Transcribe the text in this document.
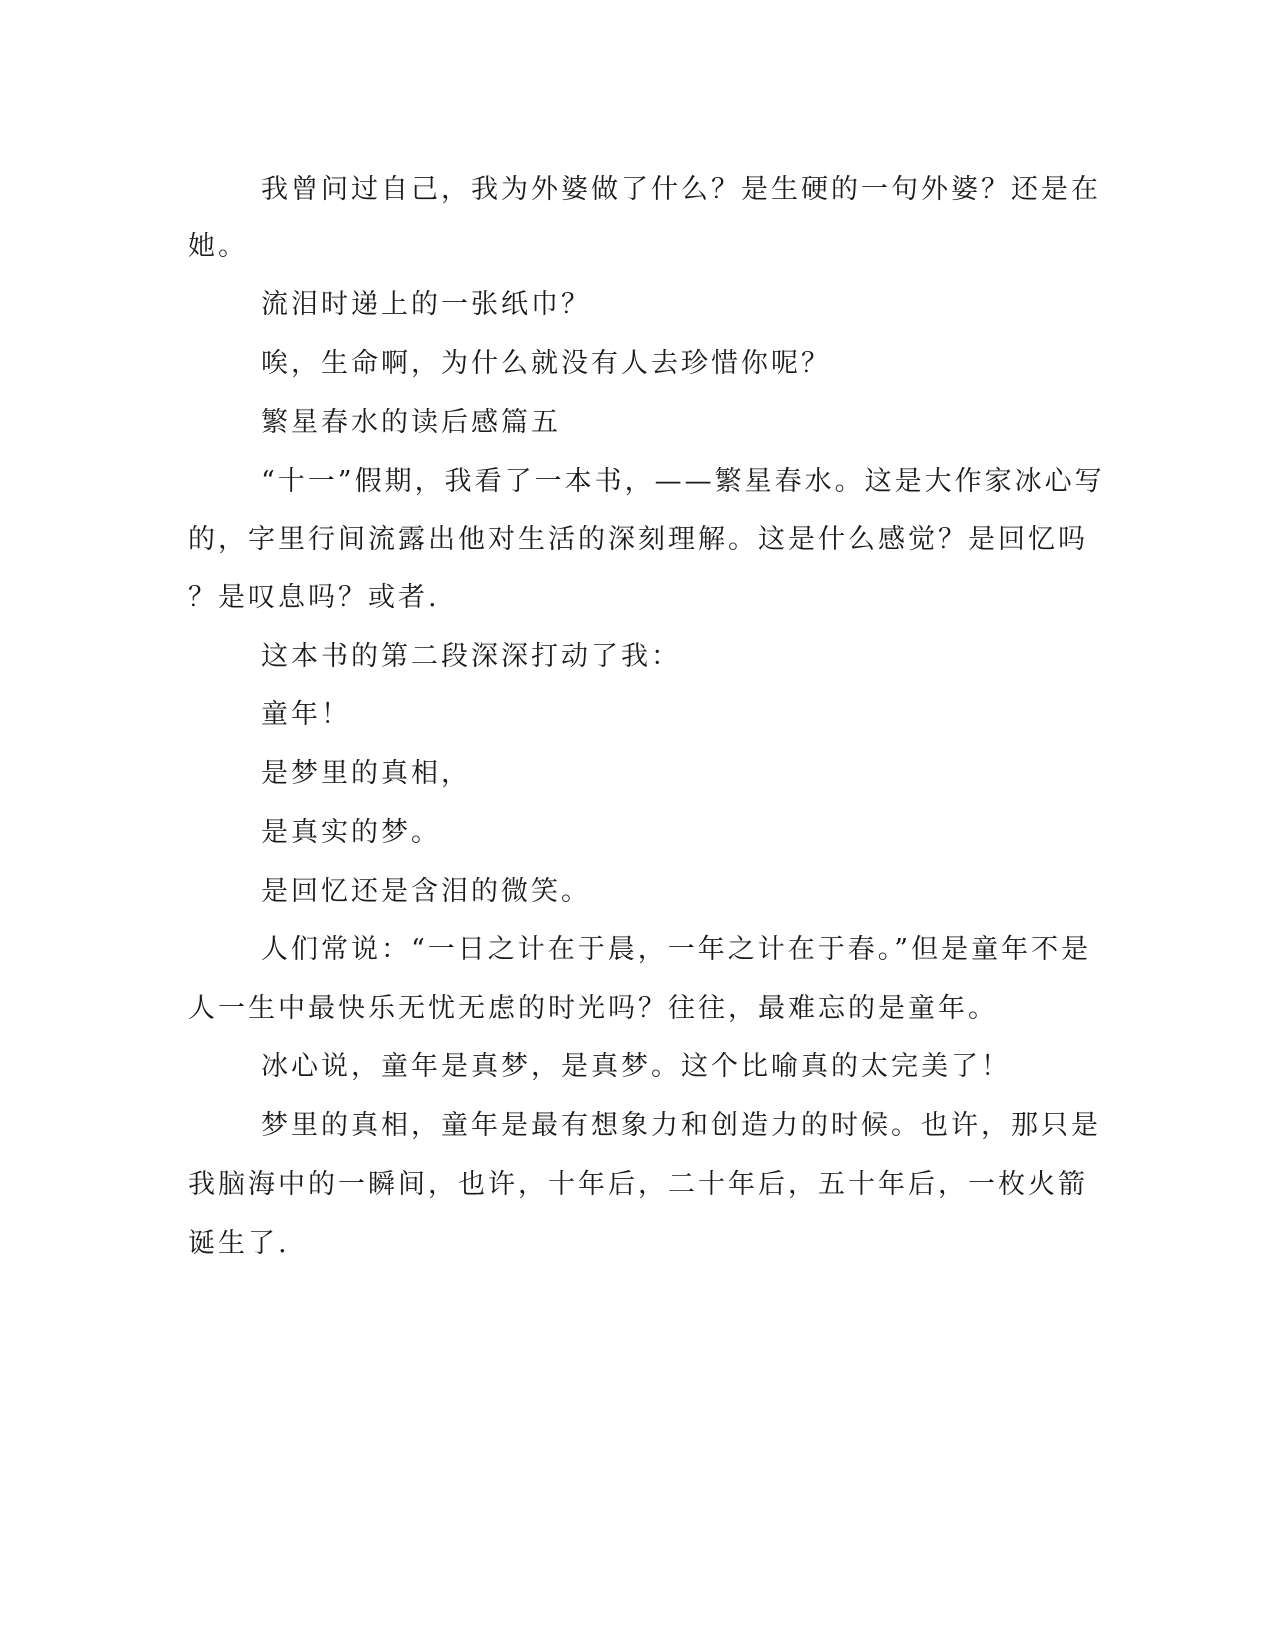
我曾问过自己，我为外婆做了什么？是生硬的一句外婆？还是在

她。

流泪时递上的一张纸巾？

唉，生命啊，为什么就没有人去珍惜你呢？

繁星春水的读后感篇五

“十一”假期，我看了一本书，——繁星春水。这是大作家冰心写

的，字里行间流露出他对生活的深刻理解。这是什么感觉？是回忆吗

？是叹息吗？或者.

这本书的第二段深深打动了我：

童年！

是梦里的真相，

是真实的梦。

是回忆还是含泪的微笑。

人们常说：“一日之计在于晨，一年之计在于春。”但是童年不是

人一生中最快乐无忧无虑的时光吗？往往，最难忘的是童年。

冰心说，童年是真梦，是真梦。这个比喻真的太完美了！

梦里的真相，童年是最有想象力和创造力的时候。也许，那只是

我脑海中的一瞬间，也许，十年后，二十年后，五十年后，一枚火箭

诞生了.
